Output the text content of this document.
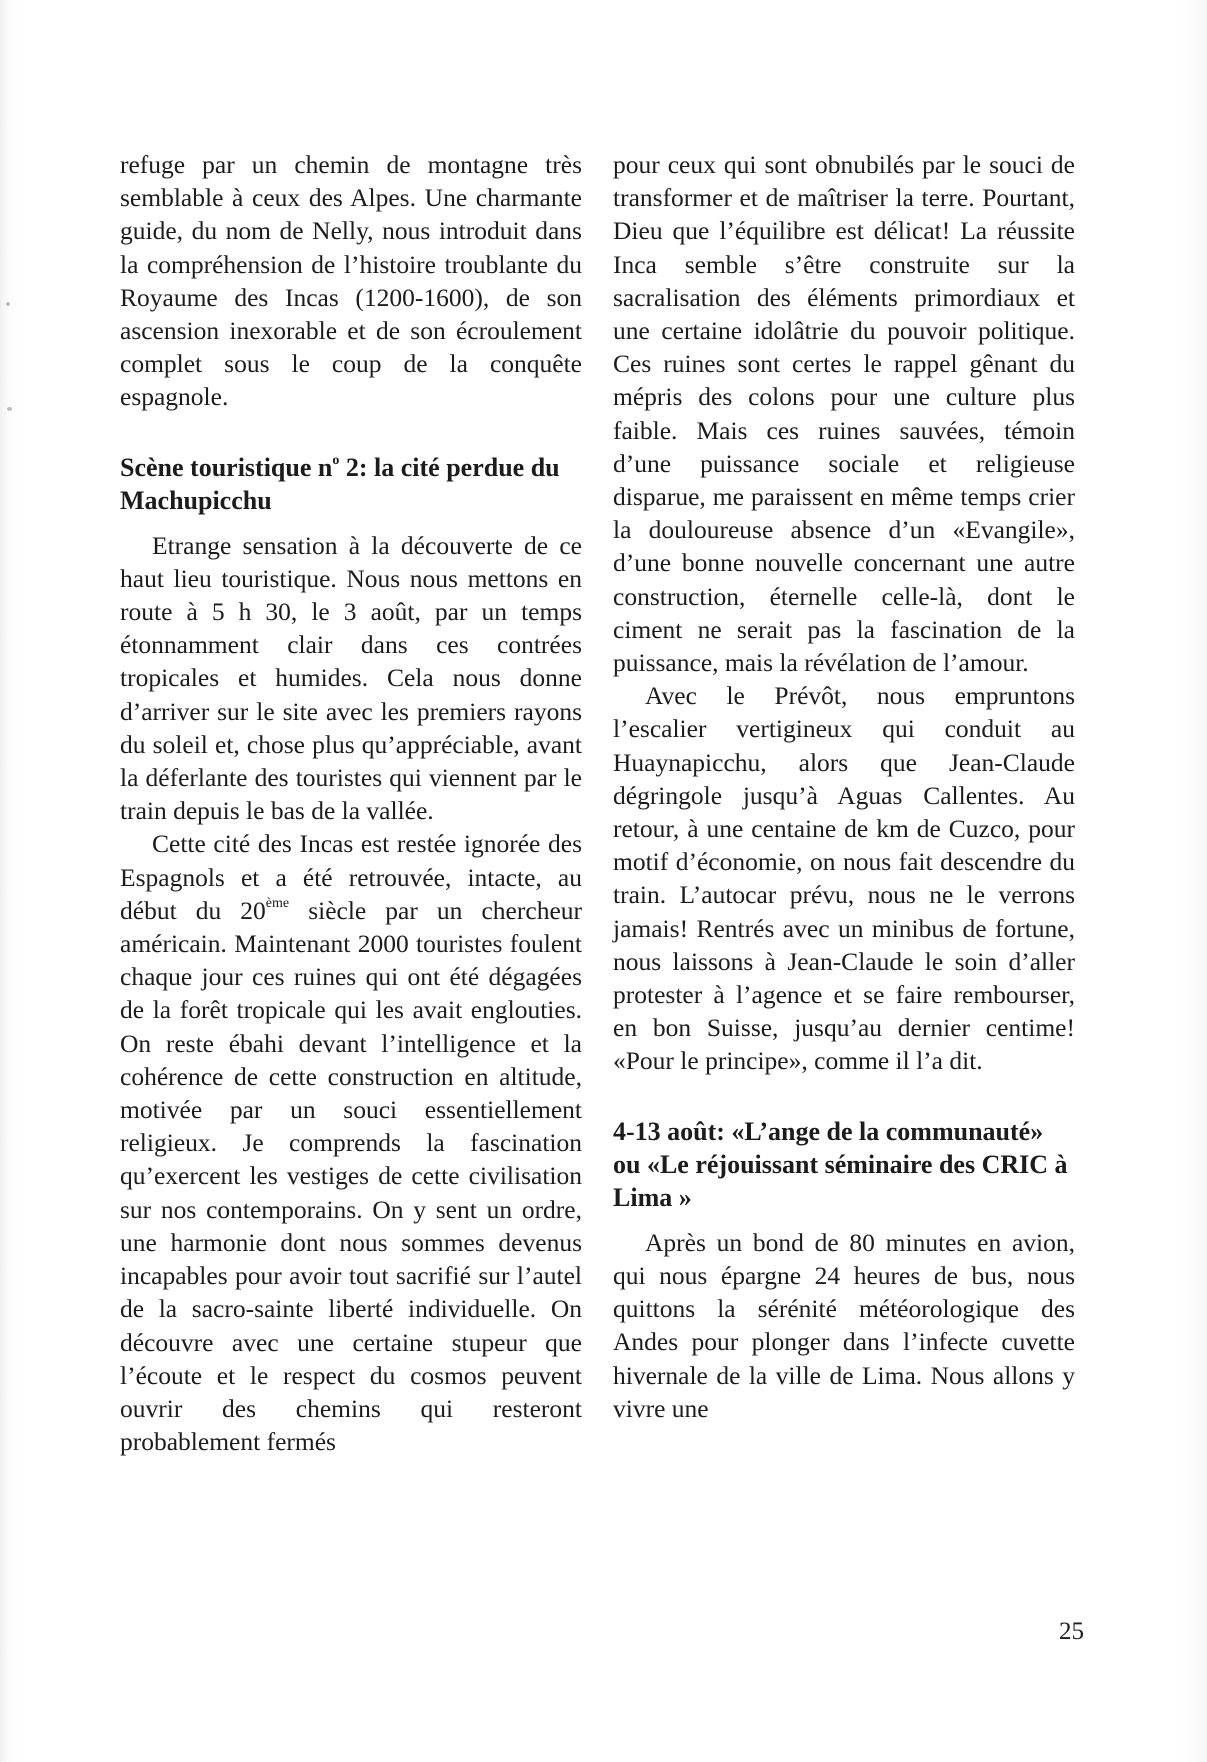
refuge par un chemin de montagne très semblable à ceux des Alpes. Une charmante guide, du nom de Nelly, nous introduit dans la compréhension de l’histoire troublante du Royaume des Incas (1200-1600), de son ascension inexorable et de son écroulement complet sous le coup de la conquête espagnole.

Scène touristique $n^o$ 2: la cité perdue du Machupicchu

Etrange sensation à la découverte de ce haut lieu touristique. Nous nous mettons en route à 5 h 30, le 3 août, par un temps étonnamment clair dans ces contrées tropicales et humides. Cela nous donne d’arriver sur le site avec les premiers rayons du soleil et, chose plus qu’appréciable, avant la déferlante des touristes qui viennent par le train depuis le bas de la vallée.

Cette cité des Incas est restée ignorée des Espagnols et a été retrouvée, intacte, au début du 20ème siècle par un chercheur américain. Maintenant 2000 touristes foulent chaque jour ces ruines qui ont été dégagées de la forêt tropicale qui les avait englouties. On reste ébahi devant l’intelligence et la cohérence de cette construction en altitude, motivée par un souci essentiellement religieux. Je comprends la fascination qu’exercent les vestiges de cette civilisation sur nos contemporains. On y sent un ordre, une harmonie dont nous sommes devenus incapables pour avoir tout sacrifié sur l’autel de la sacro-sainte liberté individuelle. On découvre avec une certaine stupeur que l’écoute et le respect du cosmos peuvent ouvrir des chemins qui resteront probablement fermés

pour ceux qui sont obnubilés par le souci de transformer et de maîtriser la terre. Pourtant, Dieu que l’équilibre est délicat! La réussite Inca semble s’être construite sur la sacralisation des éléments primordiaux et une certaine idolâtrie du pouvoir politique. Ces ruines sont certes le rappel gênant du mépris des colons pour une culture plus faible. Mais ces ruines sauvées, témoin d’une puissance sociale et religieuse disparue, me paraissent en même temps crier la douloureuse absence d’un «Evangile», d’une bonne nouvelle concernant une autre construction, éternelle celle-là, dont le ciment ne serait pas la fascination de la puissance, mais la révélation de l’amour.

Avec le Prévôt, nous empruntons l’escalier vertigineux qui conduit au Huaynapicchu, alors que Jean-Claude dégringole jusqu’à Aguas Callentes. Au retour, à une centaine de km de Cuzco, pour motif d’économie, on nous fait descendre du train. L’autocar prévu, nous ne le verrons jamais! Rentrés avec un minibus de fortune, nous laissons à Jean-Claude le soin d’aller protester à l’agence et se faire rembourser, en bon Suisse, jusqu’au dernier centime! «Pour le principe», comme il l’a dit.

4-13 août: «L’ange de la communauté» ou «Le réjouissant séminaire des CRIC à Lima »

Après un bond de 80 minutes en avion, qui nous épargne 24 heures de bus, nous quittons la sérénité météorologique des Andes pour plonger dans l’infecte cuvette hivernale de la ville de Lima. Nous allons y vivre une

25
